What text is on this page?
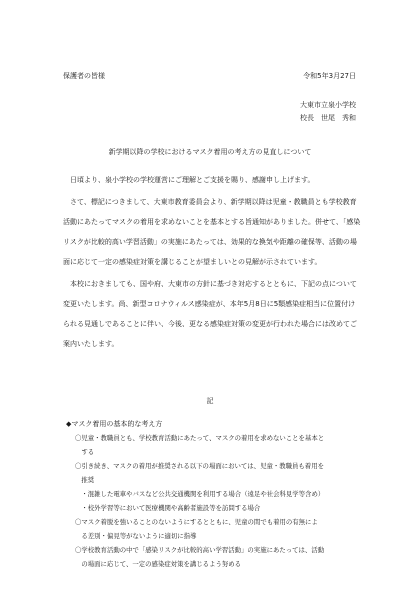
保護者の皆様	令和5年3月27日
大東市立泉小学校
校長　世尾　秀和
新学期以降の学校におけるマスク着用の考え方の見直しについて
日頃より、泉小学校の学校運営にご理解とご支援を賜り、感謝申し上げます。
さて、標記につきまして、大東市教育委員会より、新学期以降は児童・教職員とも学校教育
活動にあたってマスクの着用を求めないことを基本とする旨通知がありました。併せて、「感染
リスクが比較的高い学習活動」の実施にあたっては、効果的な換気や距離の確保等、活動の場
面に応じて一定の感染症対策を講じることが望ましいとの見解が示されています。
本校におきましても、国や府、大東市の方針に基づき対応するとともに、下記の点について
変更いたします。尚、新型コロナウィルス感染症が、本年5月8日に5類感染症相当に位置付け
られる見通しであることに伴い、今後、更なる感染症対策の変更が行われた場合には改めてご
案内いたします。
記
◆マスク着用の基本的な考え方
〇児童・教職員とも、学校教育活動にあたって、マスクの着用を求めないことを基本と
　する
〇引き続き、マスクの着用が推奨される以下の場面においては、児童・教職員も着用を
　推奨
　・混雑した電車やバスなど公共交通機関を利用する場合（遠足や社会科見学等含め）
　・校外学習等において医療機関や高齢者施設等を訪問する場合
〇マスク着脱を強いることのないようにするとともに、児童の間でも着用の有無によ
　る差別・偏見等がないように適切に指導
〇学校教育活動の中で「感染リスクが比較的高い学習活動」の実施にあたっては、活動
　の場面に応じて、一定の感染症対策を講じるよう努める
